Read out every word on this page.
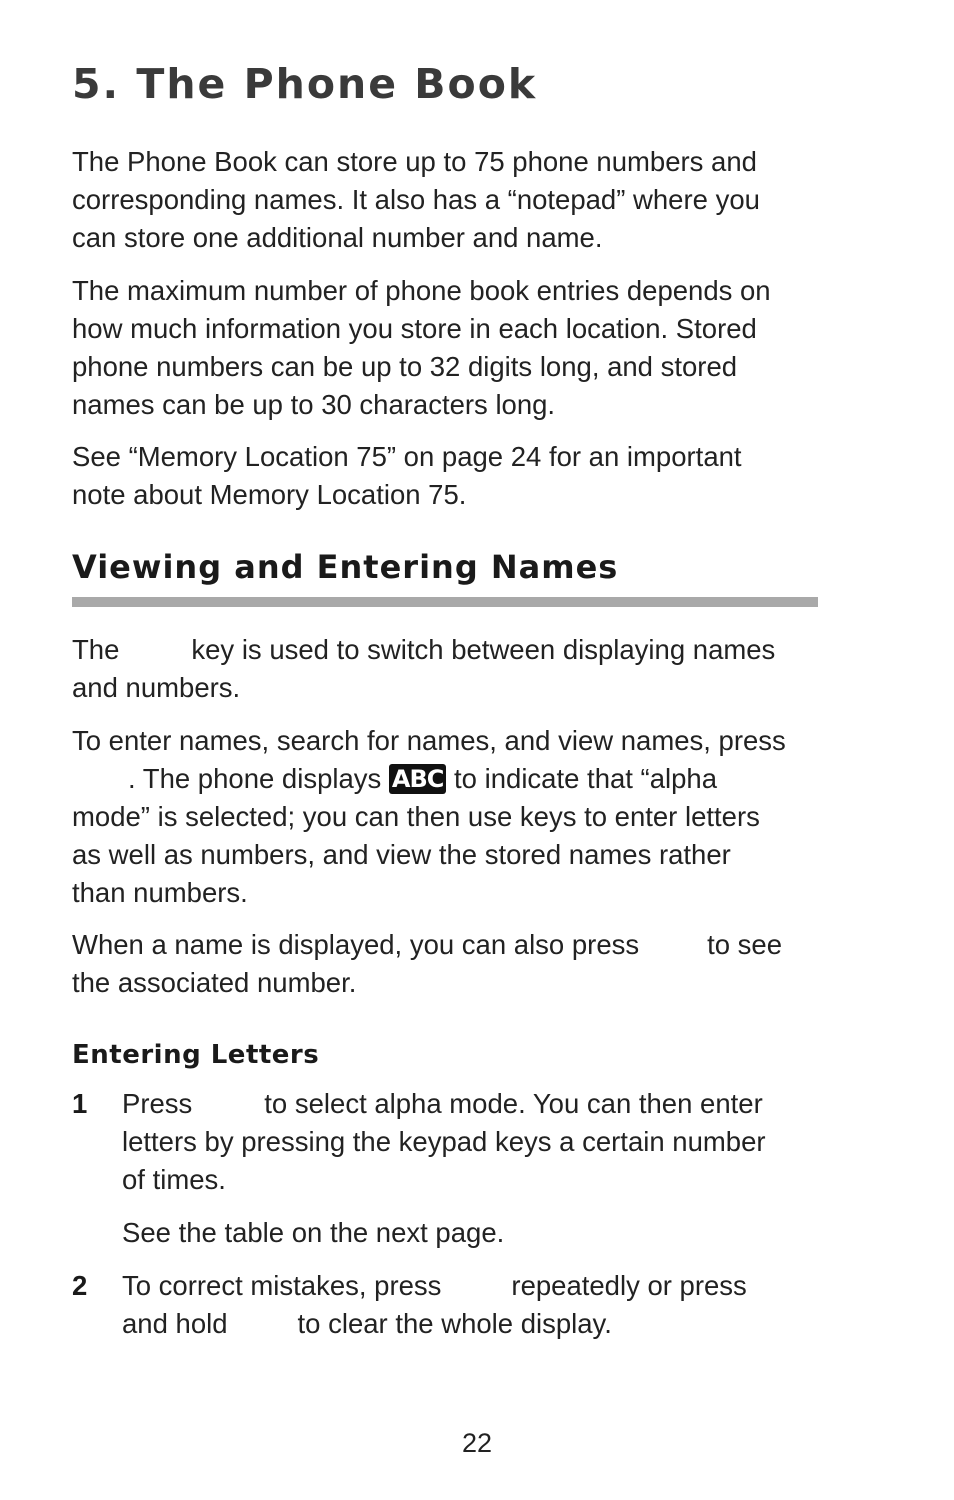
5. The Phone Book

The Phone Book can store up to 75 phone numbers and
corresponding names. It also has a “notepad” where you
can store one additional number and name.

The maximum number of phone book entries depends on
how much information you store in each location. Stored
phone numbers can be up to 32 digits long, and stored
names can be up to 30 characters long.

See “Memory Location 75” on page 24 for an important
note about Memory Location 75.

Viewing and Entering Names

The	key is used to switch between displaying names
and numbers.

To enter names, search for names, and view names, press
. The phone displays ABC to indicate that “alpha
mode” is selected; you can then use keys to enter letters
as well as numbers, and view the stored names rather
than numbers.

When a name is displayed, you can also press to see
the associated number.

Entering Letters
1 Press	to select alpha mode. You can then enter
letters by pressing the keypad keys a certain number
of times.

See the table on the next page.

2 To correct mistakes, press	repeatedly or press
and hold	to clear the whole display.

22
